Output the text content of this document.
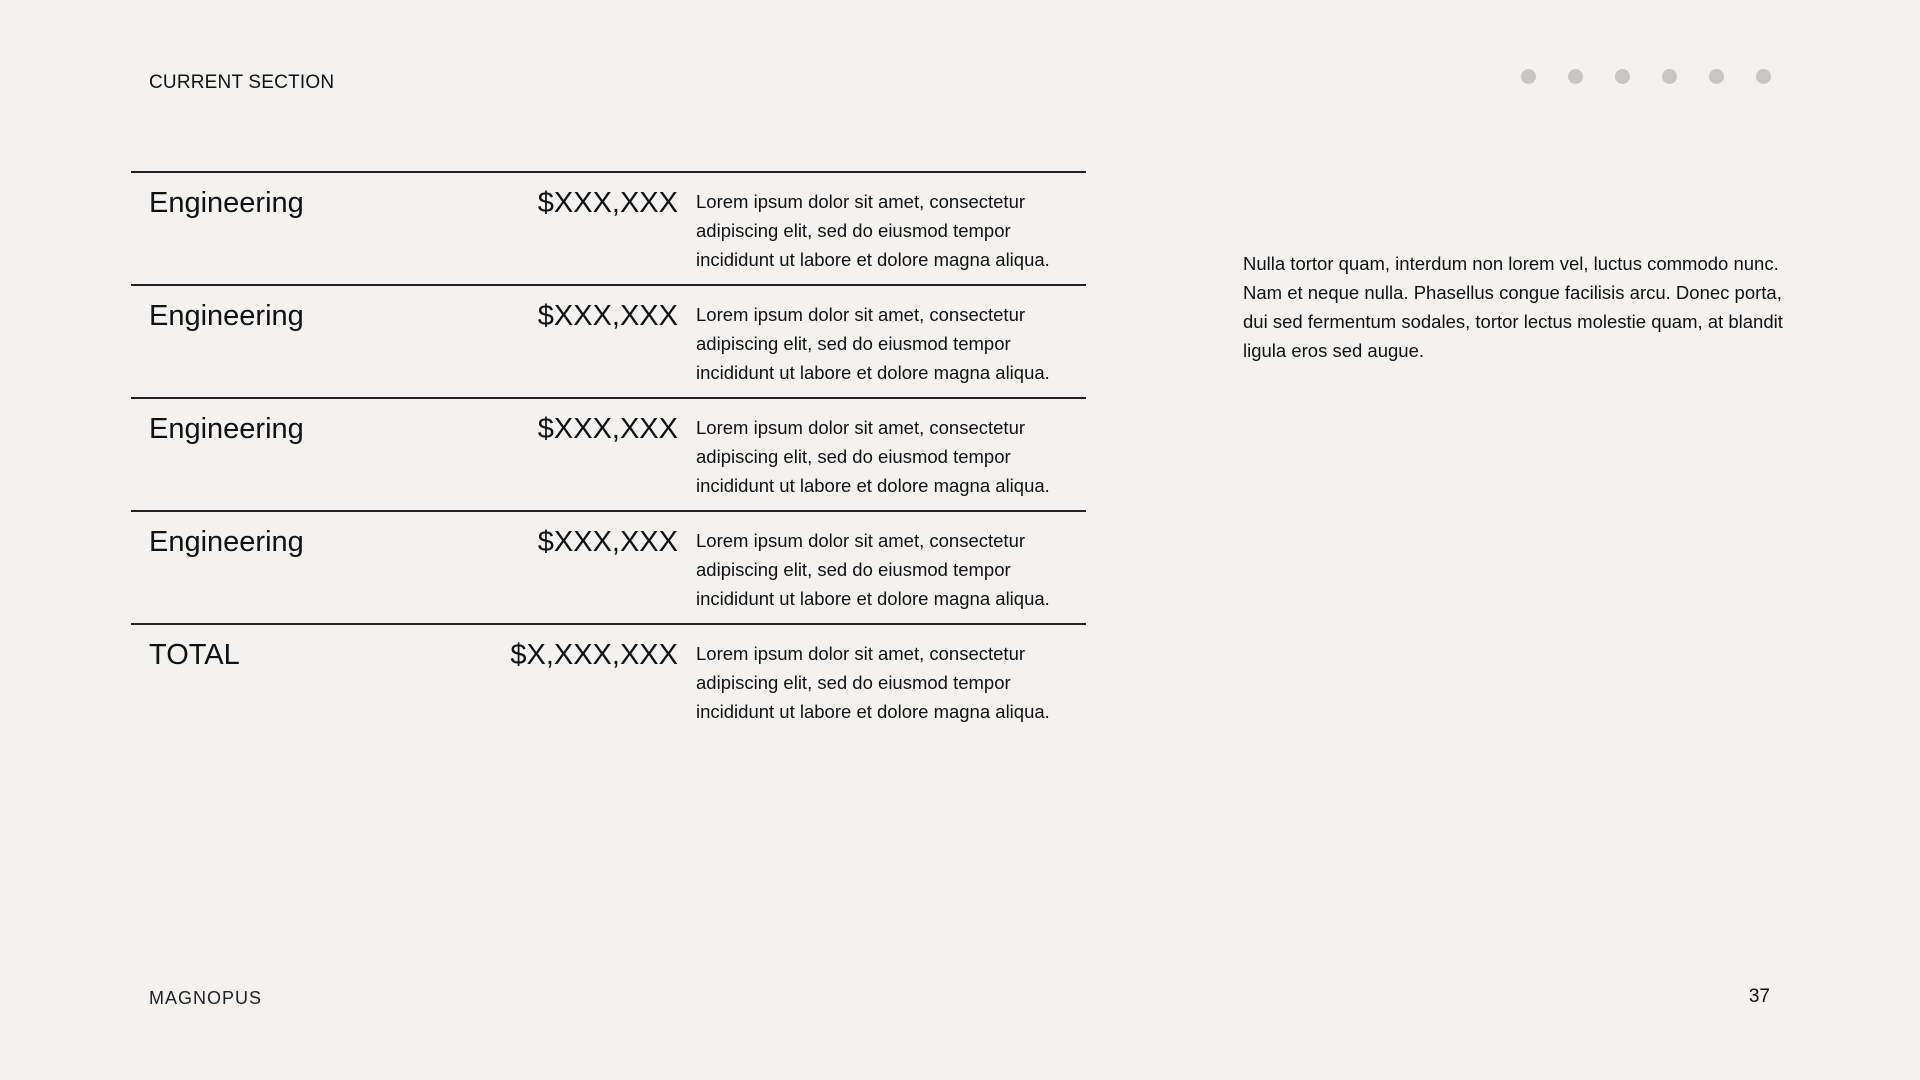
CURRENT SECTION
Engineering	$XXX,XXX Lorem ipsum dolor sit amet, consectetur adipiscing elit, sed do eiusmod tempor incididunt ut labore et dolore magna aliqua.
Engineering	$XXX,XXX Lorem ipsum dolor sit amet, consectetur adipiscing elit, sed do eiusmod tempor incididunt ut labore et dolore magna aliqua.
Engineering	$XXX,XXX Lorem ipsum dolor sit amet, consectetur adipiscing elit, sed do eiusmod tempor incididunt ut labore et dolore magna aliqua.
Engineering	$XXX,XXX Lorem ipsum dolor sit amet, consectetur adipiscing elit, sed do eiusmod tempor incididunt ut labore et dolore magna aliqua.
TOTAL	$X,XXX,XXX Lorem ipsum dolor sit amet, consectetur adipiscing elit, sed do eiusmod tempor incididunt ut labore et dolore magna aliqua.
Nulla tortor quam, interdum non lorem vel, luctus commodo nunc. Nam et neque nulla. Phasellus congue facilisis arcu. Donec porta, dui sed fermentum sodales, tortor lectus molestie quam, at blandit ligula eros sed augue.
MAGNOPUS	37
